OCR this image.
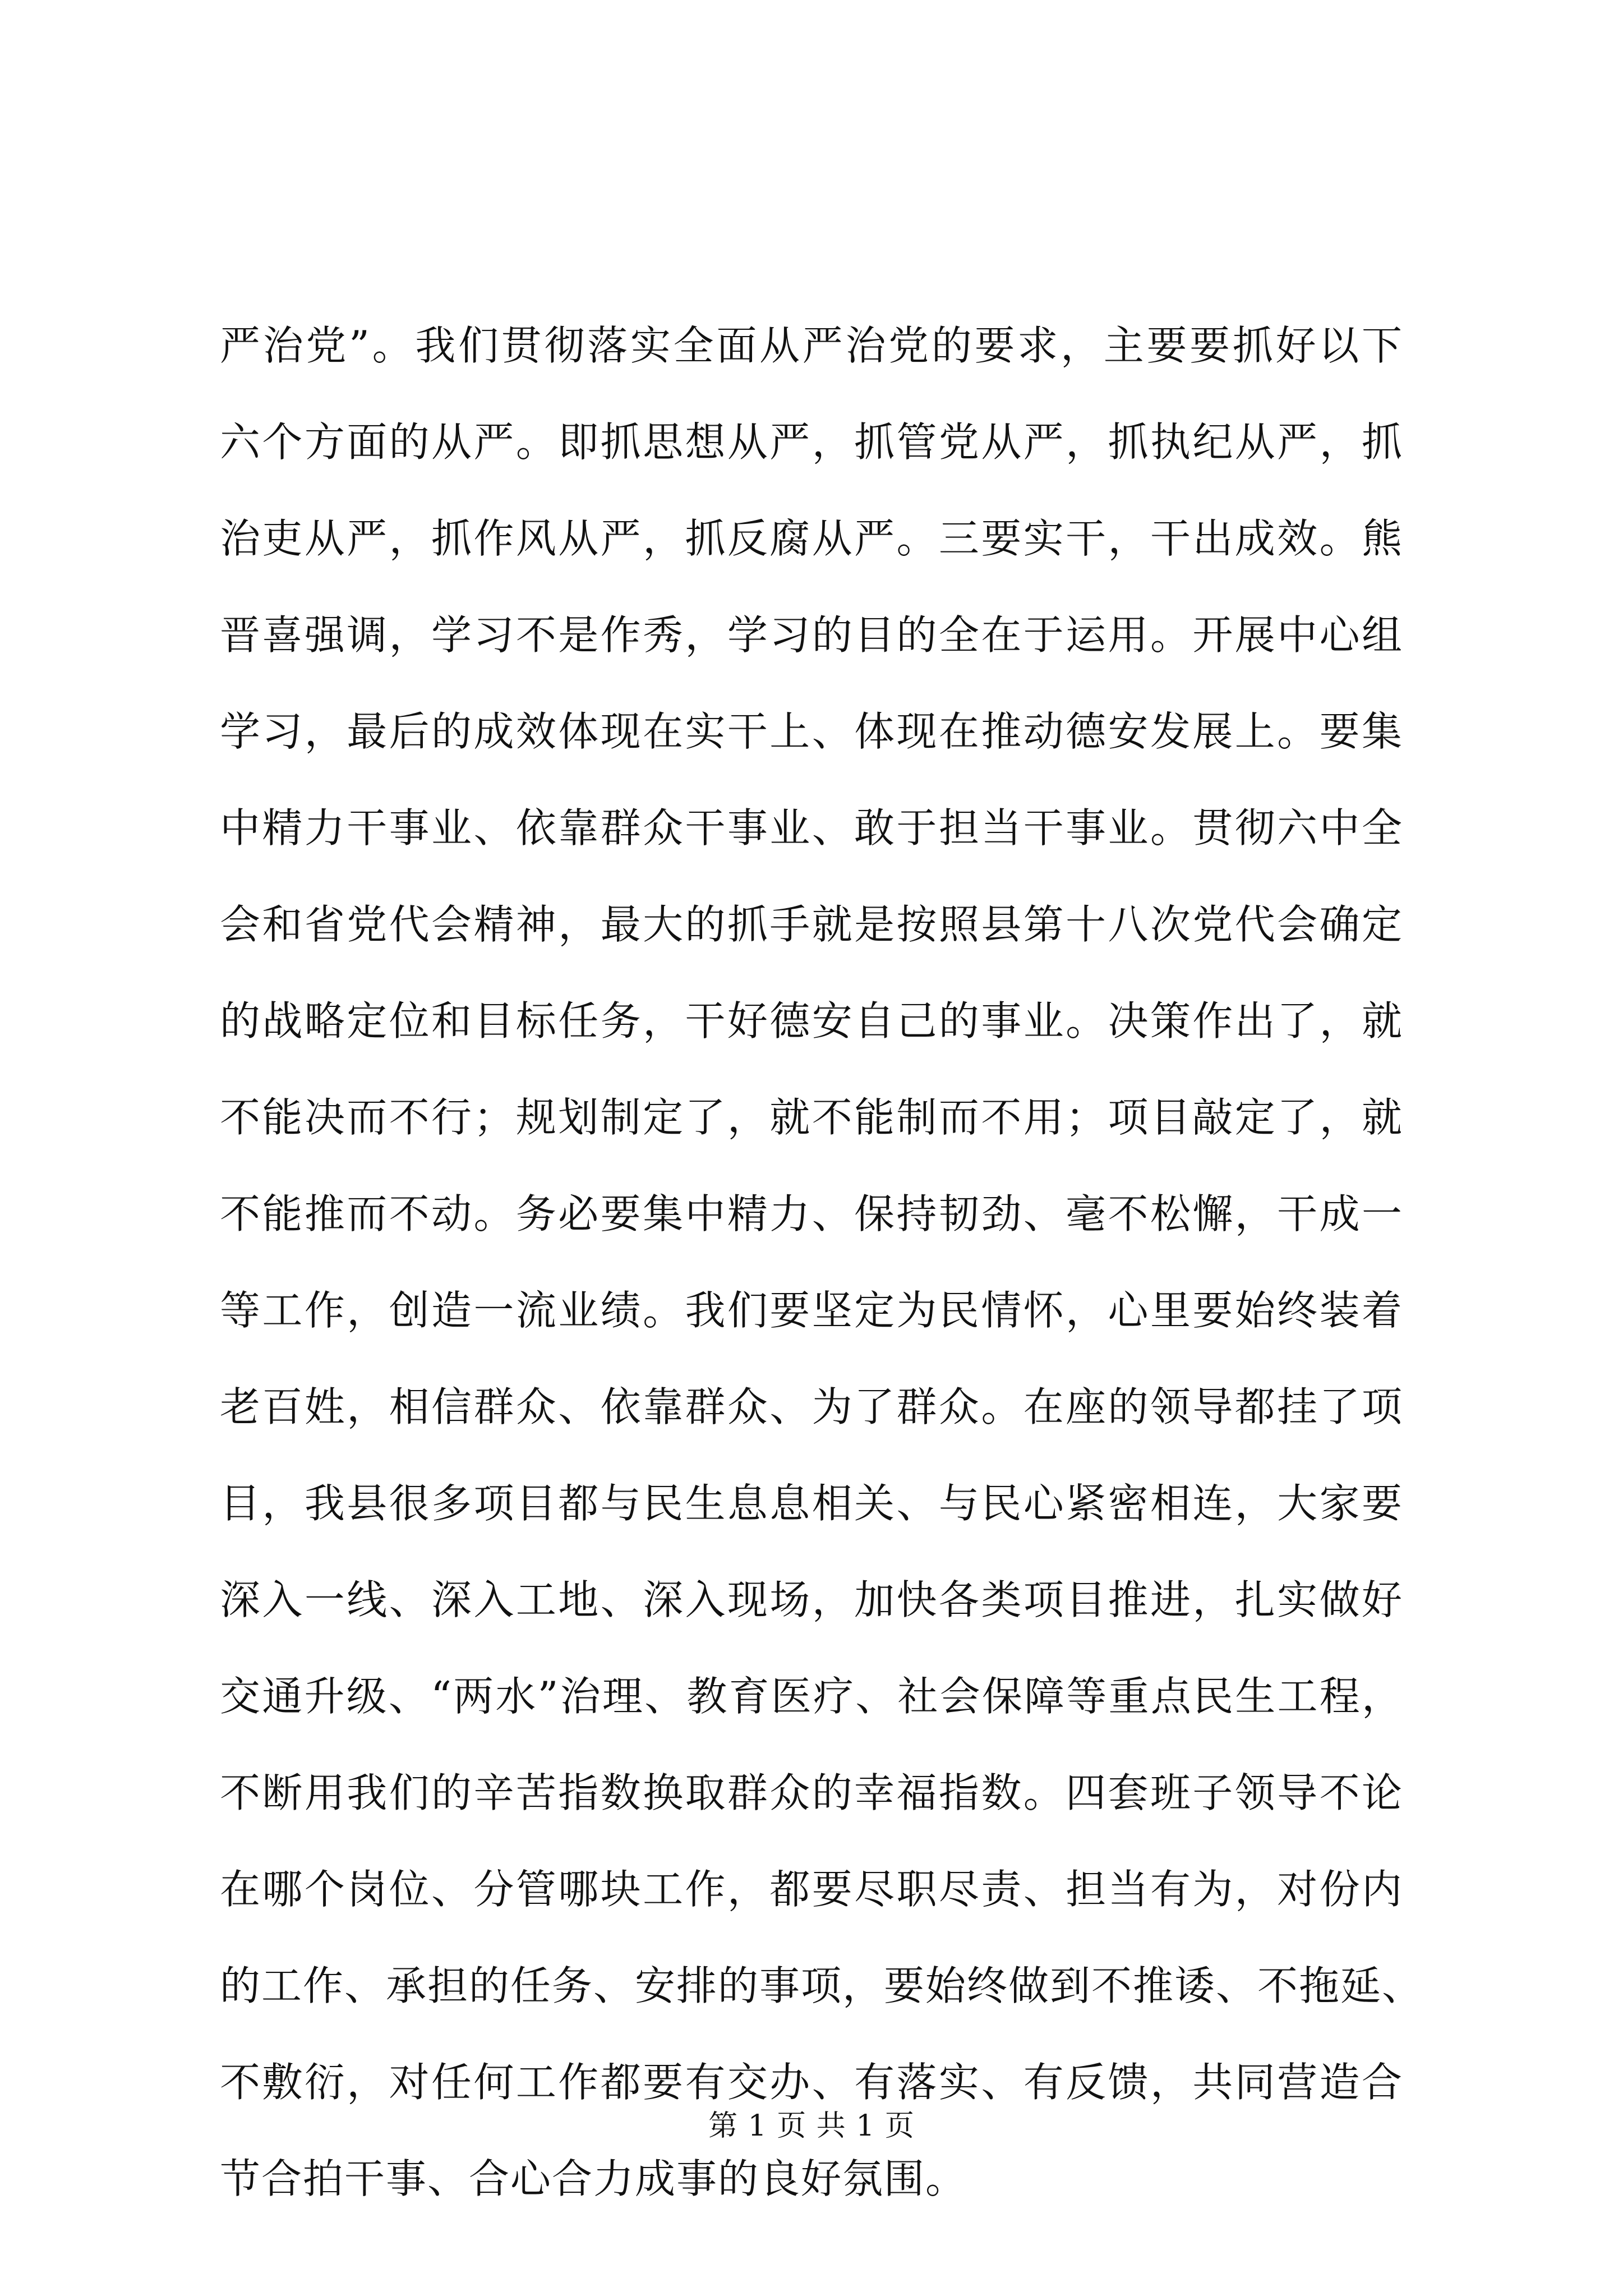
严治党”。我们贯彻落实全面从严治党的要求，主要要抓好以下
六个方面的从严。即抓思想从严，抓管党从严，抓执纪从严，抓
治吏从严，抓作风从严，抓反腐从严。三要实干，干出成效。熊
晋喜强调，学习不是作秀，学习的目的全在于运用。开展中心组
学习，最后的成效体现在实干上、体现在推动德安发展上。要集
中精力干事业、依靠群众干事业、敢于担当干事业。贯彻六中全
会和省党代会精神，最大的抓手就是按照县第十八次党代会确定
的战略定位和目标任务，干好德安自己的事业。决策作出了，就
不能决而不行；规划制定了，就不能制而不用；项目敲定了，就
不能推而不动。务必要集中精力、保持韧劲、毫不松懈，干成一
等工作，创造一流业绩。我们要坚定为民情怀，心里要始终装着
老百姓，相信群众、依靠群众、为了群众。在座的领导都挂了项
目，我县很多项目都与民生息息相关、与民心紧密相连，大家要
深入一线、深入工地、深入现场，加快各类项目推进，扎实做好
交通升级、“两水”治理、教育医疗、社会保障等重点民生工程，
不断用我们的辛苦指数换取群众的幸福指数。四套班子领导不论
在哪个岗位、分管哪块工作，都要尽职尽责、担当有为，对份内
的工作、承担的任务、安排的事项，要始终做到不推诿、不拖延、
不敷衍，对任何工作都要有交办、有落实、有反馈，共同营造合
节合拍干事、合心合力成事的良好氛围。
第 1 页 共 1 页
